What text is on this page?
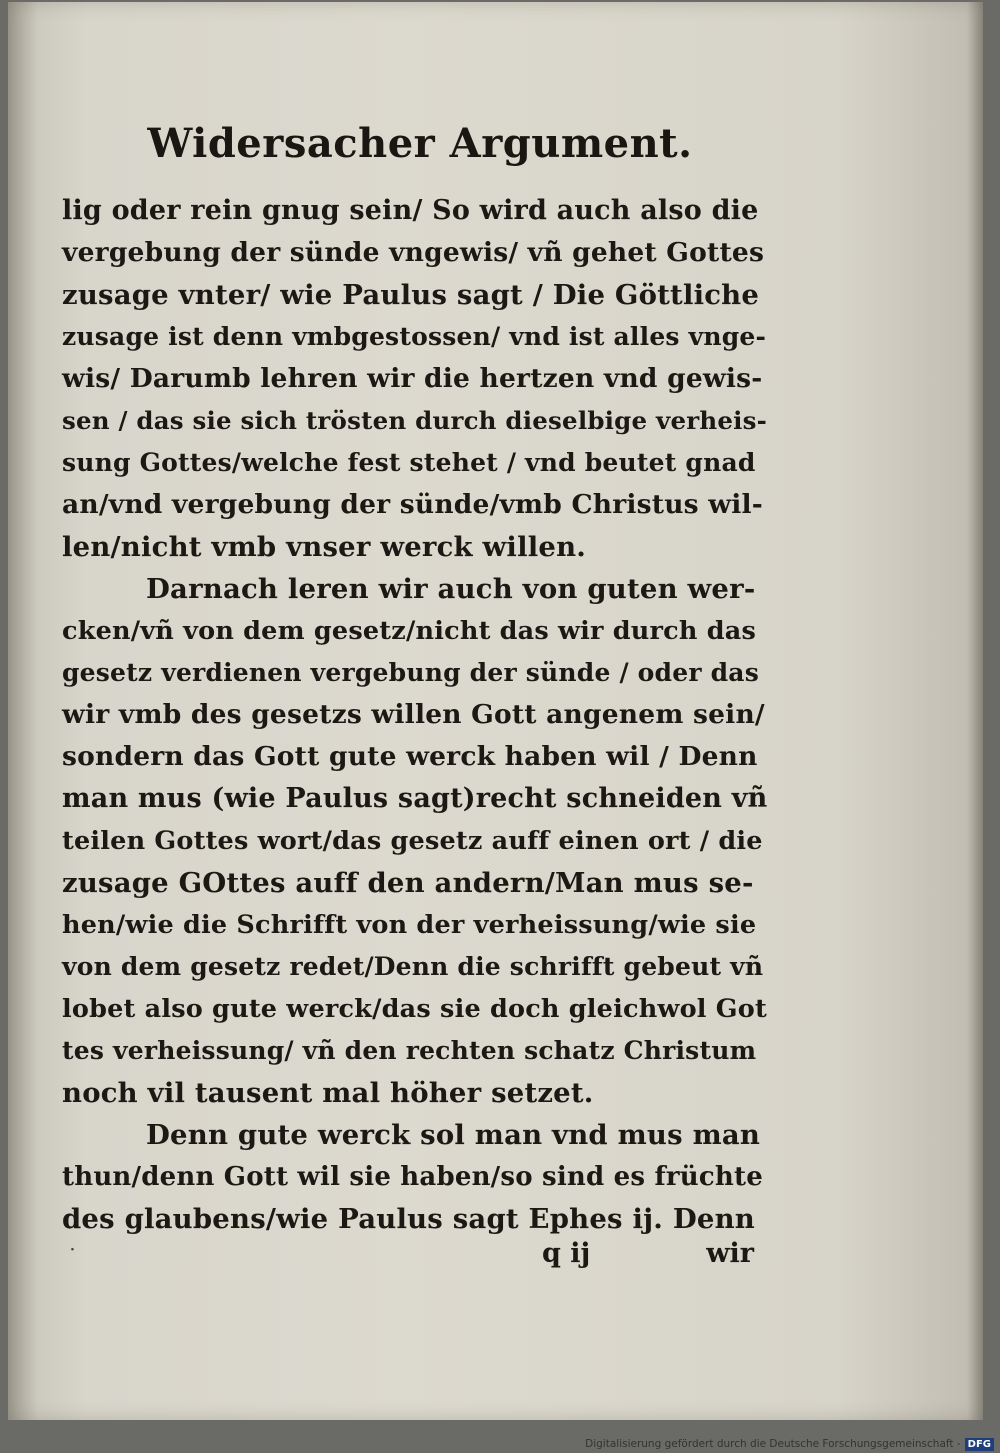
Widersacher Argument.
lig oder rein gnug sein/ So wird auch also die
vergebung der sünde vngewis/ vñ gehet Gottes
zusage vnter/ wie Paulus sagt / Die Göttliche
zusage ist denn vmbgestossen/ vnd ist alles vnge-
wis/ Darumb lehren wir die hertzen vnd gewis-
sen / das sie sich trösten durch dieselbige verheis-
sung Gottes/welche fest stehet / vnd beutet gnad
an/vnd vergebung der sünde/vmb Christus wil-
len/nicht vmb vnser werck willen.
Darnach leren wir auch von guten wer-
cken/vñ von dem gesetz/nicht das wir durch das
gesetz verdienen vergebung der sünde / oder das
wir vmb des gesetzs willen Gott angenem sein/
sondern das Gott gute werck haben wil / Denn
man mus (wie Paulus sagt)recht schneiden vñ
teilen Gottes wort/das gesetz auff einen ort / die
zusage GOttes auff den andern/Man mus se-
hen/wie die Schrifft von der verheissung/wie sie
von dem gesetz redet/Denn die schrifft gebeut vñ
lobet also gute werck/das sie doch gleichwol Got
tes verheissung/ vñ den rechten schatz Christum
noch vil tausent mal höher setzet.
Denn gute werck sol man vnd mus man
thun/denn Gott wil sie haben/so sind es früchte
des glaubens/wie Paulus sagt Ephes ij. Denn
·	q ij	wir
Digitalisierung gefördert durch die Deutsche Forschungsgemeinschaft - DFG
